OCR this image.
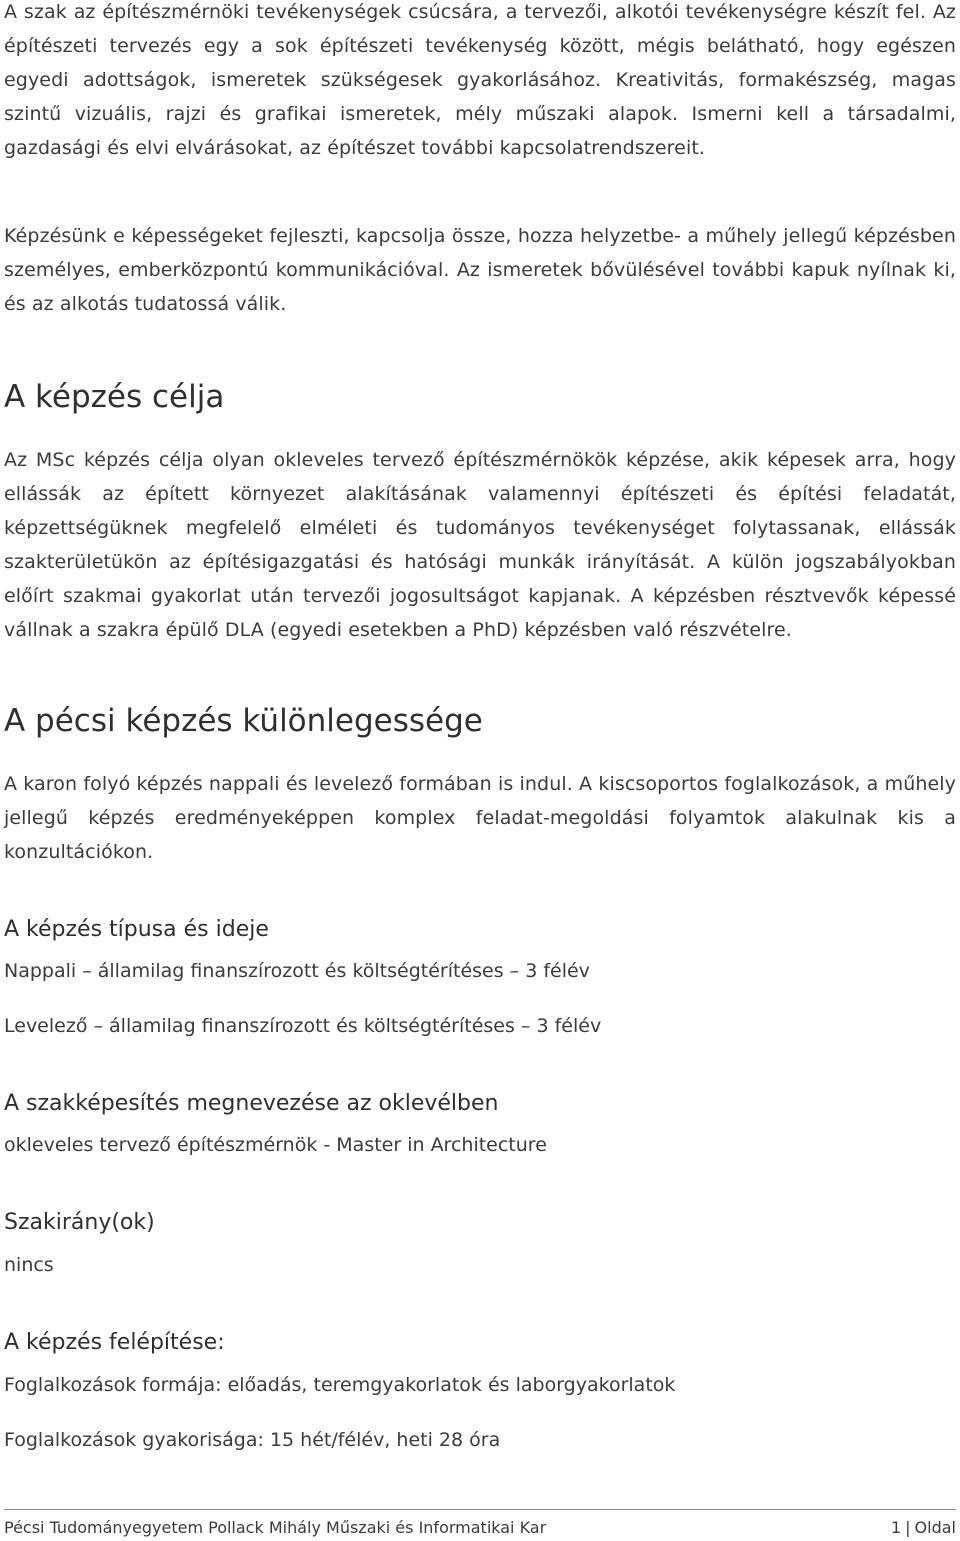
A szak az építészmérnöki tevékenységek csúcsára, a tervezői, alkotói tevékenységre készít fel. Az építészeti tervezés egy a sok építészeti tevékenység között, mégis belátható, hogy egészen egyedi adottságok, ismeretek szükségesek gyakorlásához. Kreativitás, formakészség, magas szintű vizuális, rajzi és grafikai ismeretek, mély műszaki alapok. Ismerni kell a társadalmi, gazdasági és elvi elvárásokat, az építészet további kapcsolatrendszereit.

Képzésünk e képességeket fejleszti, kapcsolja össze, hozza helyzetbe- a műhely jellegű képzésben személyes, emberközpontú kommunikációval. Az ismeretek bővülésével további kapuk nyílnak ki, és az alkotás tudatossá válik.

A képzés célja

Az MSc képzés célja olyan okleveles tervező építészmérnökök képzése, akik képesek arra, hogy ellássák az épített környezet alakításának valamennyi építészeti és építési feladatát, képzettségüknek megfelelő elméleti és tudományos tevékenységet folytassanak, ellássák szakterületükön az építésigazgatási és hatósági munkák irányítását. A külön jogszabályokban előírt szakmai gyakorlat után tervezői jogosultságot kapjanak. A képzésben résztvevők képessé vállnak a szakra épülő DLA (egyedi esetekben a PhD) képzésben való részvételre.

A pécsi képzés különlegessége

A karon folyó képzés nappali és levelező formában is indul. A kiscsoportos foglalkozások, a műhely jellegű képzés eredményeképpen komplex feladat-megoldási folyamtok alakulnak kis a konzultációkon.

A képzés típusa és ideje

Nappali – államilag finanszírozott és költségtérítéses – 3 félév

Levelező – államilag finanszírozott és költségtérítéses – 3 félév

A szakképesítés megnevezése az oklevélben

okleveles tervező építészmérnök - Master in Architecture

Szakirány(ok)

nincs

A képzés felépítése:

Foglalkozások formája: előadás, teremgyakorlatok és laborgyakorlatok

Foglalkozások gyakorisága: 15 hét/félév, heti 28 óra

Pécsi Tudományegyetem Pollack Mihály Műszaki és Informatikai Kar	1 | Oldal
